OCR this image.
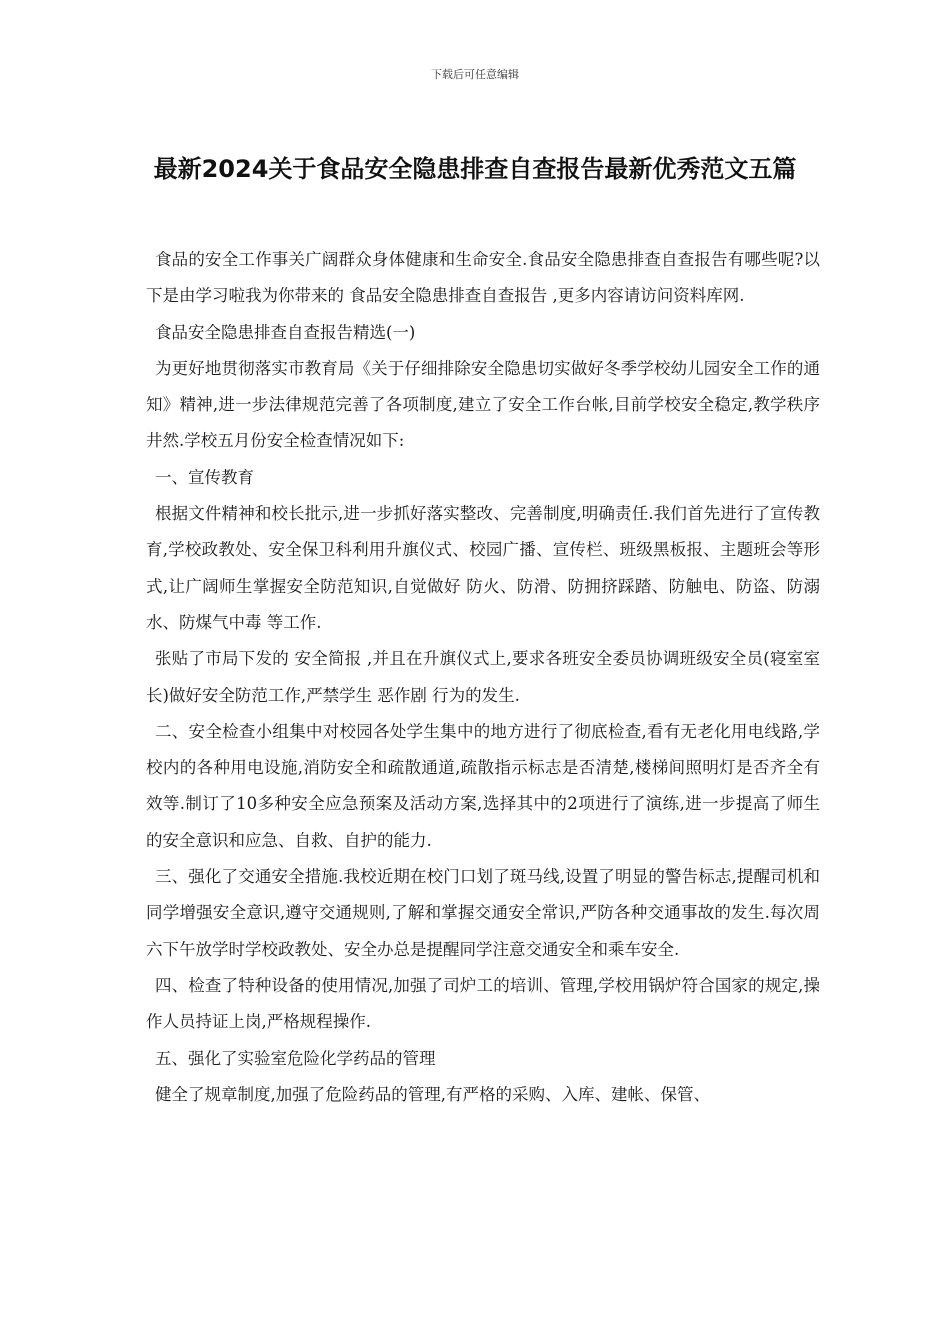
下载后可任意编辑
最新2024关于食品安全隐患排查自查报告最新优秀范文五篇

食品的安全工作事关广阔群众身体健康和生命安全.食品安全隐患排查自查报告有哪些呢?以下是由学习啦我为你带来的 食品安全隐患排查自查报告 ,更多内容请访问资料库网.

食品安全隐患排查自查报告精选(一)

为更好地贯彻落实市教育局《关于仔细排除安全隐患切实做好冬季学校幼儿园安全工作的通知》精神,进一步法律规范完善了各项制度,建立了安全工作台帐,目前学校安全稳定,教学秩序井然.学校五月份安全检查情况如下:

一、宣传教育

根据文件精神和校长批示,进一步抓好落实整改、完善制度,明确责任.我们首先进行了宣传教育,学校政教处、安全保卫科利用升旗仪式、校园广播、宣传栏、班级黑板报、主题班会等形式,让广阔师生掌握安全防范知识,自觉做好 防火、防滑、防拥挤踩踏、防触电、防盗、防溺水、防煤气中毒 等工作.

张贴了市局下发的 安全简报 ,并且在升旗仪式上,要求各班安全委员协调班级安全员(寝室室长)做好安全防范工作,严禁学生 恶作剧 行为的发生.

二、安全检查小组集中对校园各处学生集中的地方进行了彻底检查,看有无老化用电线路,学校内的各种用电设施,消防安全和疏散通道,疏散指示标志是否清楚,楼梯间照明灯是否齐全有效等.制订了10多种安全应急预案及活动方案,选择其中的2项进行了演练,进一步提高了师生的安全意识和应急、自救、自护的能力.

三、强化了交通安全措施.我校近期在校门口划了斑马线,设置了明显的警告标志,提醒司机和同学增强安全意识,遵守交通规则,了解和掌握交通安全常识,严防各种交通事故的发生.每次周六下午放学时学校政教处、安全办总是提醒同学注意交通安全和乘车安全.

四、检查了特种设备的使用情况,加强了司炉工的培训、管理,学校用锅炉符合国家的规定,操作人员持证上岗,严格规程操作.

五、强化了实验室危险化学药品的管理

健全了规章制度,加强了危险药品的管理,有严格的采购、入库、建帐、保管、
